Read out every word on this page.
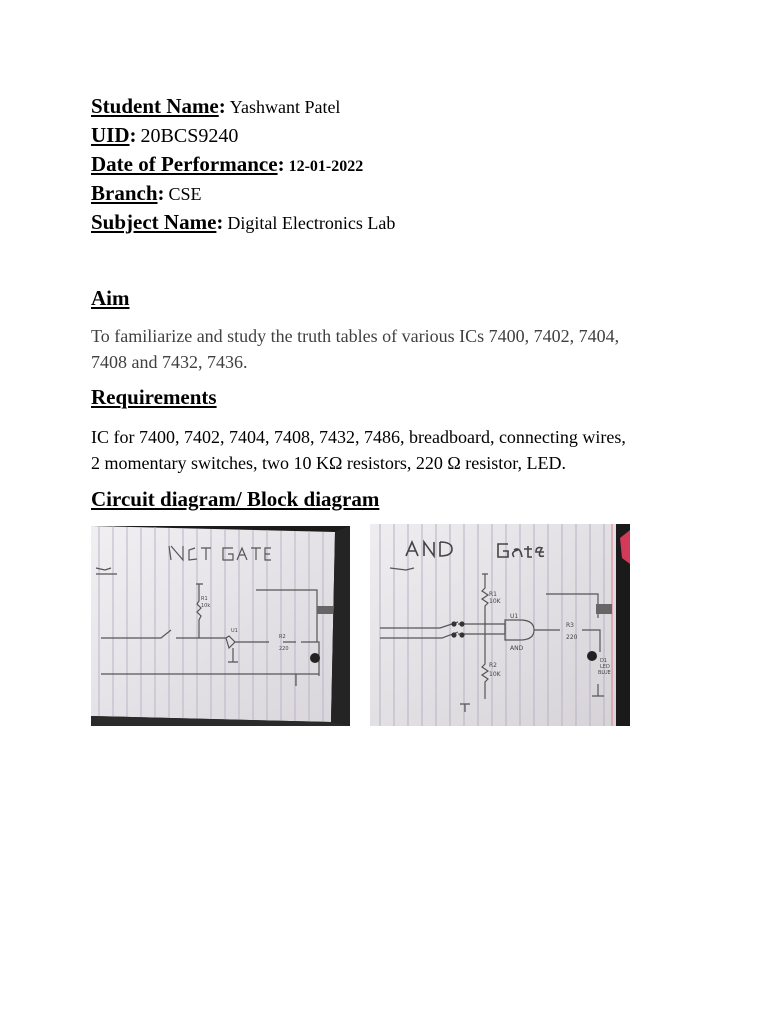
Student Name: Yashwant Patel
UID: 20BCS9240
Date of Performance: 12-01-2022
Branch: CSE
Subject Name: Digital Electronics Lab
Aim

To familiarize and study the truth tables of various ICs 7400, 7402, 7404,
7408 and 7432, 7436.

Requirements

IC for 7400, 7402, 7404, 7408, 7432, 7486, breadboard, connecting wires,
2 momentary switches, two 10 KΩ resistors, 220 Ω resistor, LED.

Circuit diagram/ Block diagram
R1
10k
U1
R2
220
R1
10K
U1
AND
R3
220
R2
10K
D1
LED
BLUE
